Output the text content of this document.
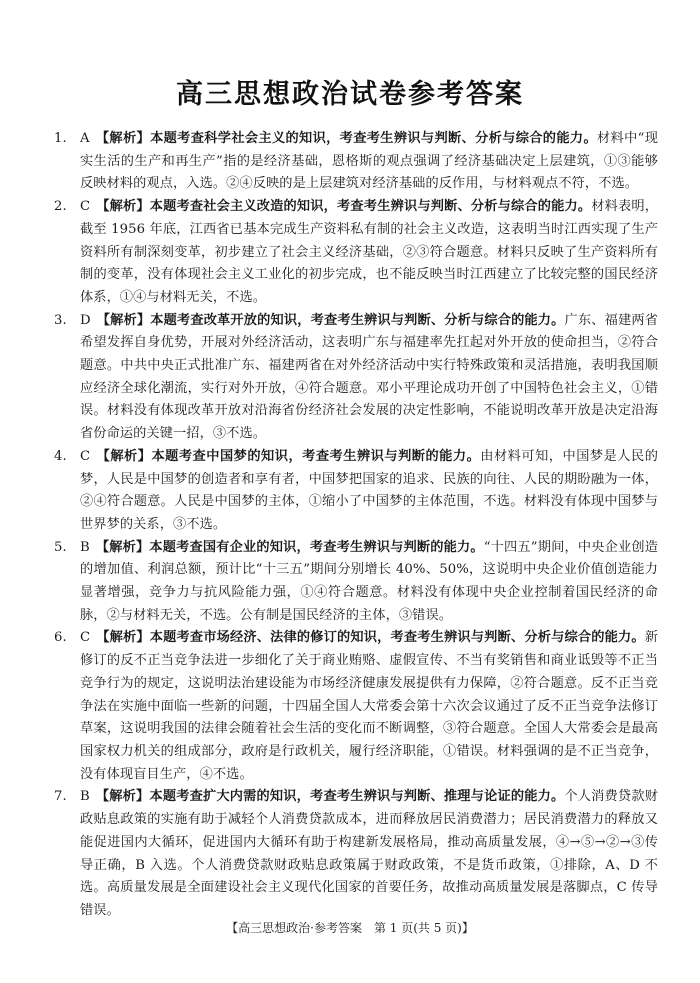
高三思想政治试卷参考答案
1.	A 【解析】本题考查科学社会主义的知识，考查考生辨识与判断、分析与综合的能力。材料中“现实生活的生产和再生产”指的是经济基础，恩格斯的观点强调了经济基础决定上层建筑，①③能够反映材料的观点，入选。②④反映的是上层建筑对经济基础的反作用，与材料观点不符，不选。
2.	C 【解析】本题考查社会主义改造的知识，考查考生辨识与判断、分析与综合的能力。材料表明，截至 1956 年底，江西省已基本完成生产资料私有制的社会主义改造，这表明当时江西实现了生产资料所有制深刻变革，初步建立了社会主义经济基础，②③符合题意。材料只反映了生产资料所有制的变革，没有体现社会主义工业化的初步完成，也不能反映当时江西建立了比较完整的国民经济体系，①④与材料无关，不选。
3.	D 【解析】本题考查改革开放的知识，考查考生辨识与判断、分析与综合的能力。广东、福建两省希望发挥自身优势，开展对外经济活动，这表明广东与福建率先扛起对外开放的使命担当，②符合题意。中共中央正式批准广东、福建两省在对外经济活动中实行特殊政策和灵活措施，表明我国顺应经济全球化潮流，实行对外开放，④符合题意。邓小平理论成功开创了中国特色社会主义，①错误。材料没有体现改革开放对沿海省份经济社会发展的决定性影响，不能说明改革开放是决定沿海省份命运的关键一招，③不选。
4.	C 【解析】本题考查中国梦的知识，考查考生辨识与判断的能力。由材料可知，中国梦是人民的梦，人民是中国梦的创造者和享有者，中国梦把国家的追求、民族的向往、人民的期盼融为一体，②④符合题意。人民是中国梦的主体，①缩小了中国梦的主体范围，不选。材料没有体现中国梦与世界梦的关系，③不选。
5.	B 【解析】本题考查国有企业的知识，考查考生辨识与判断的能力。“十四五”期间，中央企业创造的增加值、利润总额，预计比“十三五”期间分别增长 40%、50%，这说明中央企业价值创造能力显著增强，竞争力与抗风险能力强，①④符合题意。材料没有体现中央企业控制着国民经济的命脉，②与材料无关，不选。公有制是国民经济的主体，③错误。
6.	C 【解析】本题考查市场经济、法律的修订的知识，考查考生辨识与判断、分析与综合的能力。新修订的反不正当竞争法进一步细化了关于商业贿赂、虚假宣传、不当有奖销售和商业诋毁等不正当竞争行为的规定，这说明法治建设能为市场经济健康发展提供有力保障，②符合题意。反不正当竞争法在实施中面临一些新的问题，十四届全国人大常委会第十六次会议通过了反不正当竞争法修订草案，这说明我国的法律会随着社会生活的变化而不断调整，③符合题意。全国人大常委会是最高国家权力机关的组成部分，政府是行政机关，履行经济职能，①错误。材料强调的是不正当竞争，没有体现盲目生产，④不选。
7.	B 【解析】本题考查扩大内需的知识，考查考生辨识与判断、推理与论证的能力。个人消费贷款财政贴息政策的实施有助于减轻个人消费贷款成本，进而释放居民消费潜力；居民消费潜力的释放又能促进国内大循环，促进国内大循环有助于构建新发展格局，推动高质量发展，④→⑤→②→③传导正确，B 入选。个人消费贷款财政贴息政策属于财政政策，不是货币政策，①排除，A、D 不选。高质量发展是全面建设社会主义现代化国家的首要任务，故推动高质量发展是落脚点，C 传导错误。
【高三思想政治·参考答案　第 1 页(共 5 页)】
